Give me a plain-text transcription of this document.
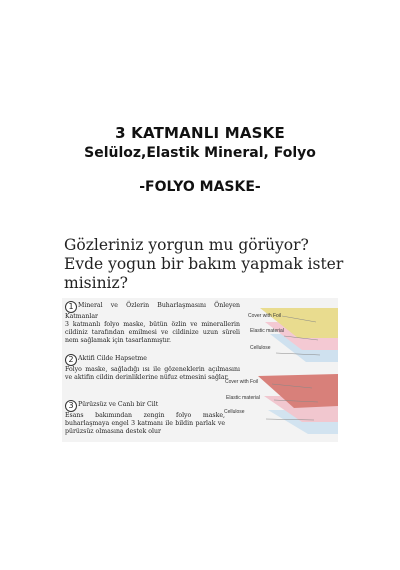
3 KATMANLI MASKE
Selüloz,Elastik Mineral, Folyo
-FOLYO MASKE-
Gözleriniz yorgun mu görüyor?
Evde yogun bir bakım yapmak ister
misiniz?
1 Mineral ve Özlerin Buharlaşmasını Önleyen Katmanlar
3 katmanlı folyo maske, bütün özlin ve minerallerin cildiniz tarafından emilmesi ve cildinize uzun süreli nem sağlamak için tasarlanmıştır.
2 Aktifi Cilde Hapsetme
Folyo maske, sağladığı ısı ile gözeneklerin açılmasını ve aktifin cildin derinliklerine nüfuz etmesini sağlar.
3 Pürüzsüz ve Canlı bir Cilt
Esans bakımından zengin folyo maske, buharlaşmaya engel 3 katmanı ile bildin parlak ve pürüzsüz olmasına destek olur
Cover with Foil
Elastic material
Cellulose
Cover with Foil
Elastic material
Cellulose
